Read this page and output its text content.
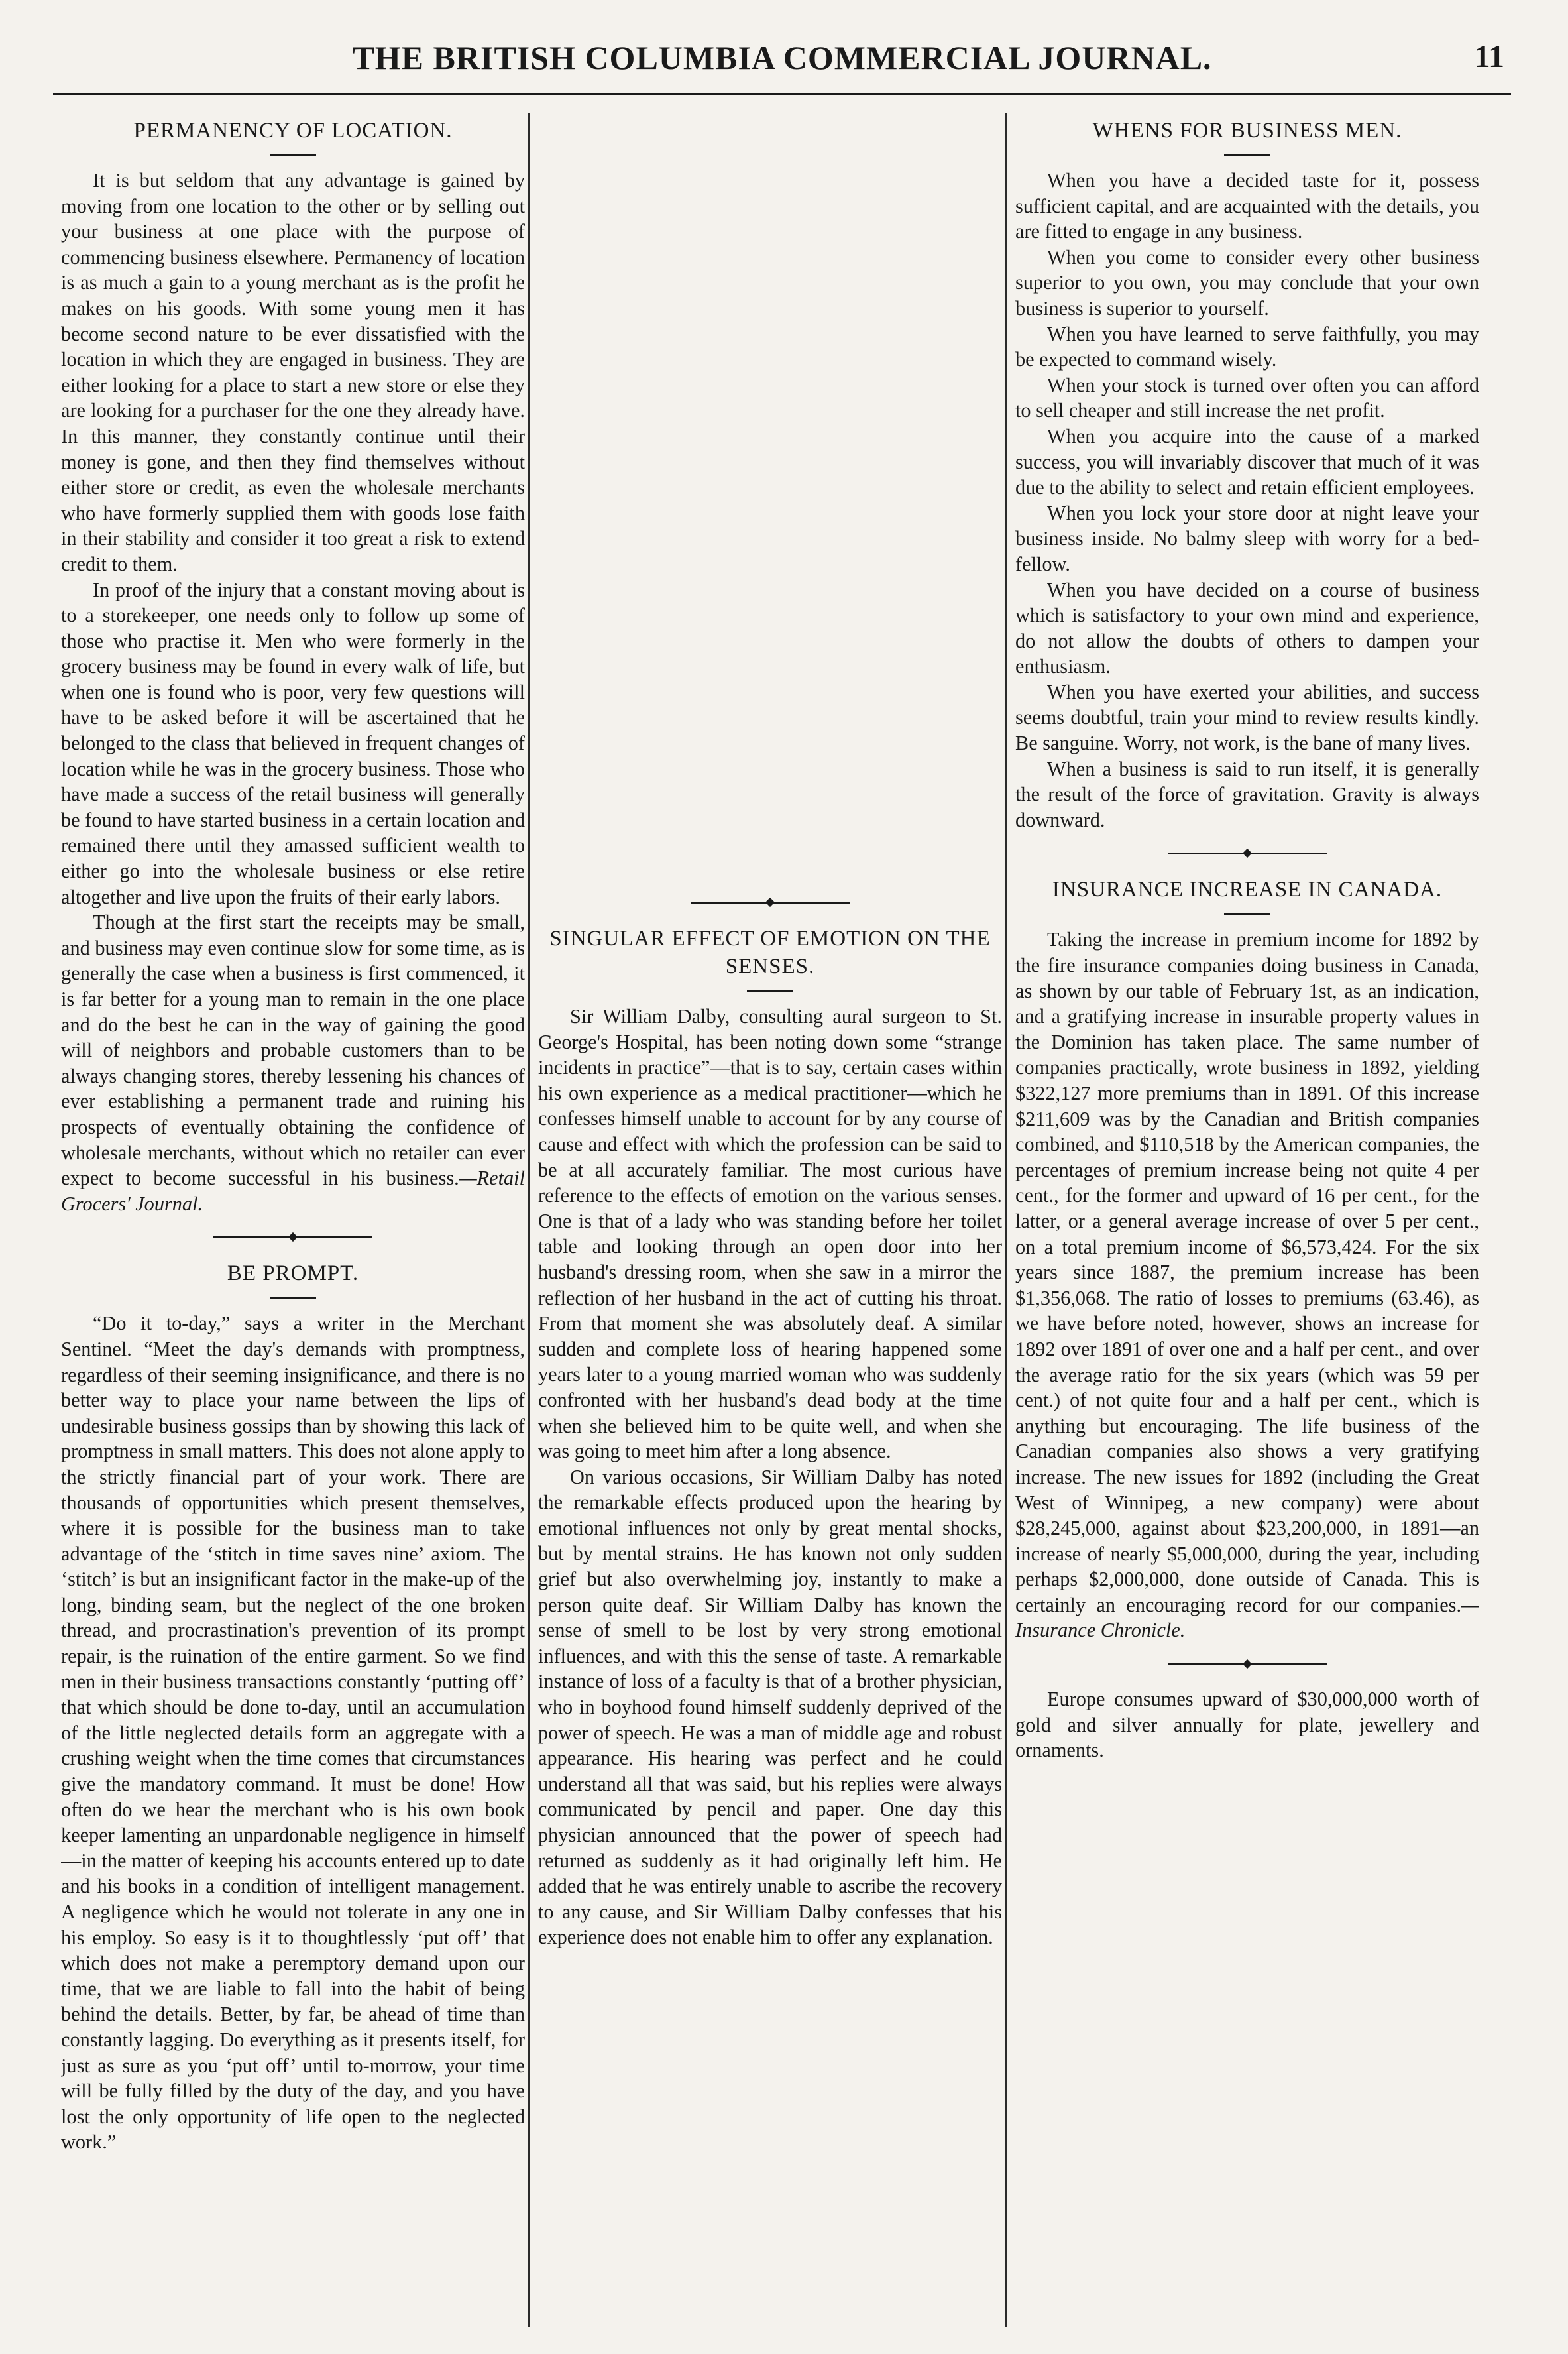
THE BRITISH COLUMBIA COMMERCIAL JOURNAL.	11
PERMANENCY OF LOCATION.

It is but seldom that any advantage is gained by moving from one location to the other or by selling out your business at one place with the purpose of commencing business elsewhere. Permanency of location is as much a gain to a young merchant as is the profit he makes on his goods. With some young men it has become second nature to be ever dissatisfied with the location in which they are engaged in business. They are either looking for a place to start a new store or else they are looking for a purchaser for the one they already have. In this manner, they constantly continue until their money is gone, and then they find themselves without either store or credit, as even the wholesale merchants who have formerly supplied them with goods lose faith in their stability and consider it too great a risk to extend credit to them.

In proof of the injury that a constant moving about is to a storekeeper, one needs only to follow up some of those who practise it. Men who were formerly in the grocery business may be found in every walk of life, but when one is found who is poor, very few questions will have to be asked before it will be ascertained that he belonged to the class that believed in frequent changes of location while he was in the grocery business. Those who have made a success of the retail business will generally be found to have started business in a certain location and remained there until they amassed sufficient wealth to either go into the wholesale business or else retire altogether and live upon the fruits of their early labors.

Though at the first start the receipts may be small, and business may even continue slow for some time, as is generally the case when a business is first commenced, it is far better for a young man to remain in the one place and do the best he can in the way of gaining the good will of neighbors and probable customers than to be always changing stores, thereby lessening his chances of ever establishing a permanent trade and ruining his prospects of eventually obtaining the confidence of wholesale merchants, without which no retailer can ever expect to become successful in his business.—Retail Grocers' Journal.

BE PROMPT.

“Do it to-day,” says a writer in the Merchant Sentinel. “Meet the day's demands with promptness, regardless of their seeming insignificance, and there is no better way to place your name between the lips of undesirable business gossips than by showing this lack of promptness in small matters. This does not alone apply to the strictly financial part of your work. There are thousands of opportunities which present themselves, where it is possible for the business man to take advantage of the ‘stitch in time saves nine’ axiom. The ‘stitch’ is but an insignificant factor in the make-up of the long, binding seam, but the neglect of the one broken thread, and procrastination's prevention of its prompt repair, is the ruination of the entire garment. So we find men in their business transactions constantly ‘putting off’ that which should be done to-day, until an accumulation of the little neglected details form an aggregate with a crushing weight when the time comes that circumstances give the mandatory command. It must be done! How often do we hear the merchant who is his own book keeper lamenting an unpardonable negligence in himself—in the matter of keeping his accounts entered up to date and his books in a condition of intelligent management. A negligence which he would not tolerate in any one in his employ. So easy is it to thoughtlessly ‘put off’ that which does not make a peremptory demand upon our time, that we are liable to fall into the habit of being behind the details. Better, by far, be ahead of time than constantly lagging. Do everything as it presents itself, for just as sure as you ‘put off’ until to-morrow, your time will be fully filled by the duty of the day, and you have lost the only opportunity of life open to the neglected work.”

SINGULAR EFFECT OF EMOTION ON THE SENSES.

Sir William Dalby, consulting aural surgeon to St. George's Hospital, has been noting down some “strange incidents in practice”—that is to say, certain cases within his own experience as a medical practitioner—which he confesses himself unable to account for by any course of cause and effect with which the profession can be said to be at all accurately familiar. The most curious have reference to the effects of emotion on the various senses. One is that of a lady who was standing before her toilet table and looking through an open door into her husband's dressing room, when she saw in a mirror the reflection of her husband in the act of cutting his throat. From that moment she was absolutely deaf. A similar sudden and complete loss of hearing happened some years later to a young married woman who was suddenly confronted with her husband's dead body at the time when she believed him to be quite well, and when she was going to meet him after a long absence.

On various occasions, Sir William Dalby has noted the remarkable effects produced upon the hearing by emotional influences not only by great mental shocks, but by mental strains. He has known not only sudden grief but also overwhelming joy, instantly to make a person quite deaf. Sir William Dalby has known the sense of smell to be lost by very strong emotional influences, and with this the sense of taste. A remarkable instance of loss of a faculty is that of a brother physician, who in boyhood found himself suddenly deprived of the power of speech. He was a man of middle age and robust appearance. His hearing was perfect and he could understand all that was said, but his replies were always communicated by pencil and paper. One day this physician announced that the power of speech had returned as suddenly as it had originally left him. He added that he was entirely unable to ascribe the recovery to any cause, and Sir William Dalby confesses that his experience does not enable him to offer any explanation.

WHENS FOR BUSINESS MEN.

When you have a decided taste for it, possess sufficient capital, and are acquainted with the details, you are fitted to engage in any business.

When you come to consider every other business superior to you own, you may conclude that your own business is superior to yourself.

When you have learned to serve faithfully, you may be expected to command wisely.

When your stock is turned over often you can afford to sell cheaper and still increase the net profit.

When you acquire into the cause of a marked success, you will invariably discover that much of it was due to the ability to select and retain efficient employees.

When you lock your store door at night leave your business inside. No balmy sleep with worry for a bed-fellow.

When you have decided on a course of business which is satisfactory to your own mind and experience, do not allow the doubts of others to dampen your enthusiasm.

When you have exerted your abilities, and success seems doubtful, train your mind to review results kindly. Be sanguine. Worry, not work, is the bane of many lives.

When a business is said to run itself, it is generally the result of the force of gravitation. Gravity is always downward.

INSURANCE INCREASE IN CANADA.

Taking the increase in premium income for 1892 by the fire insurance companies doing business in Canada, as shown by our table of February 1st, as an indication, and a gratifying increase in insurable property values in the Dominion has taken place. The same number of companies practically, wrote business in 1892, yielding $322,127 more premiums than in 1891. Of this increase $211,609 was by the Canadian and British companies combined, and $110,518 by the American companies, the percentages of premium increase being not quite 4 per cent., for the former and upward of 16 per cent., for the latter, or a general average increase of over 5 per cent., on a total premium income of $6,573,424. For the six years since 1887, the premium increase has been $1,356,068. The ratio of losses to premiums (63.46), as we have before noted, however, shows an increase for 1892 over 1891 of over one and a half per cent., and over the average ratio for the six years (which was 59 per cent.) of not quite four and a half per cent., which is anything but encouraging. The life business of the Canadian companies also shows a very gratifying increase. The new issues for 1892 (including the Great West of Winnipeg, a new company) were about $28,245,000, against about $23,200,000, in 1891—an increase of nearly $5,000,000, during the year, including perhaps $2,000,000, done outside of Canada. This is certainly an encouraging record for our companies.—Insurance Chronicle.

Europe consumes upward of $30,000,000 worth of gold and silver annually for plate, jewellery and ornaments.
